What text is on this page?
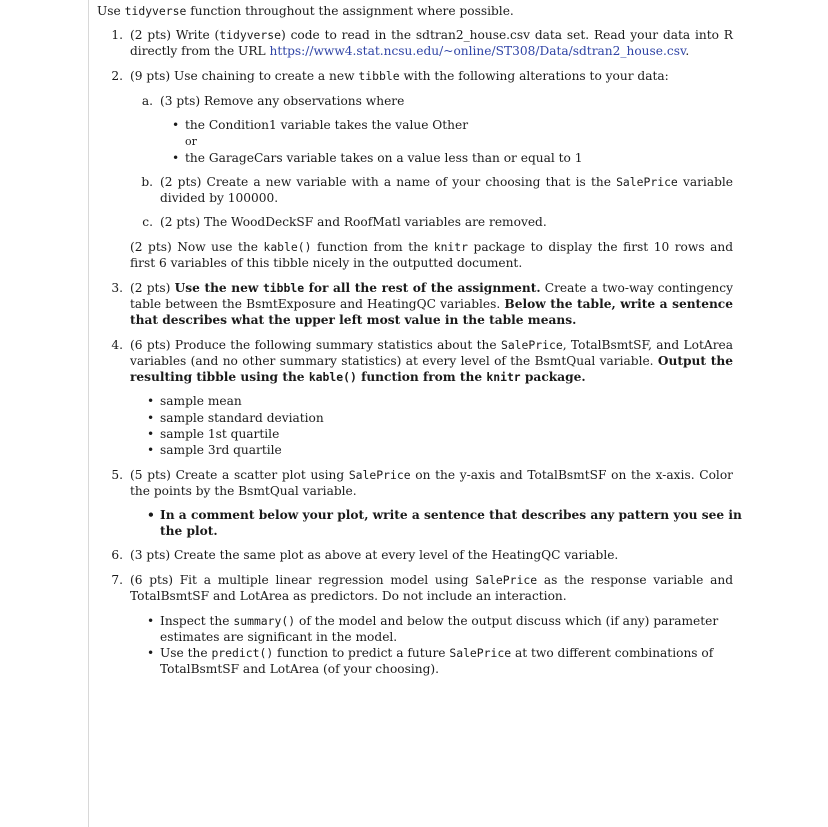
Use tidyverse function throughout the assignment where possible.
1. (2 pts) Write (tidyverse) code to read in the sdtran2_house.csv data set. Read your data into R directly from the URL https://www4.stat.ncsu.edu/~online/ST308/Data/sdtran2_house.csv.
2. (9 pts) Use chaining to create a new tibble with the following alterations to your data:
a. (3 pts) Remove any observations where
• the Condition1 variable takes the value Other
or
• the GarageCars variable takes on a value less than or equal to 1
b. (2 pts) Create a new variable with a name of your choosing that is the SalePrice variable divided by 100000.
c. (2 pts) The WoodDeckSF and RoofMatl variables are removed.
(2 pts) Now use the kable() function from the knitr package to display the first 10 rows and first 6 variables of this tibble nicely in the outputted document.
3. (2 pts) Use the new tibble for all the rest of the assignment. Create a two-way contingency table between the BsmtExposure and HeatingQC variables. Below the table, write a sentence that describes what the upper left most value in the table means.
4. (6 pts) Produce the following summary statistics about the SalePrice, TotalBsmtSF, and LotArea variables (and no other summary statistics) at every level of the BsmtQual variable. Output the resulting tibble using the kable() function from the knitr package.
• sample mean
• sample standard deviation
• sample 1st quartile
• sample 3rd quartile
5. (5 pts) Create a scatter plot using SalePrice on the y-axis and TotalBsmtSF on the x-axis. Color the points by the BsmtQual variable.
• In a comment below your plot, write a sentence that describes any pattern you see in
the plot.
6. (3 pts) Create the same plot as above at every level of the HeatingQC variable.
7. (6 pts) Fit a multiple linear regression model using SalePrice as the response variable and TotalBsmtSF and LotArea as predictors. Do not include an interaction.
• Inspect the summary() of the model and below the output discuss which (if any) parameter
estimates are significant in the model.
• Use the predict() function to predict a future SalePrice at two different combinations of
TotalBsmtSF and LotArea (of your choosing).
